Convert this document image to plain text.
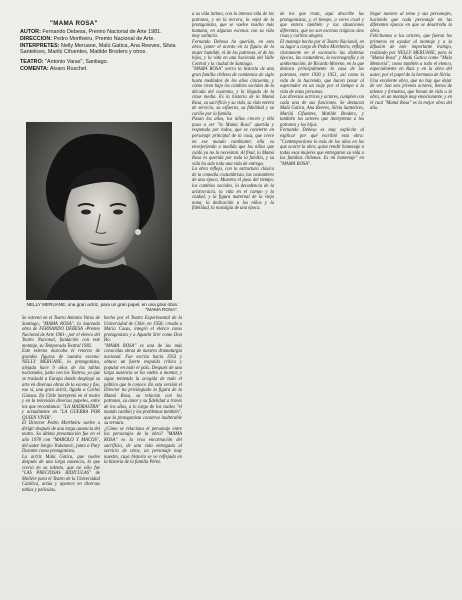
"MAMA ROSA"
AUTOR: Fernando Debesa, Premio Nacional de Arte 1981.
DIRECCION: Pedro Mortheiru, Premio Nacional de Arte.
INTERPRETES: Nelly Meruane, Malú Gatica, Ana Reeves, Silvia Santelices, Marilú Cifuentes, Matilde Broders y otros.
TEATRO: "Antonio Varas", Santiago.
COMENTA: Alvaro Ruschel.
NELLY MERUANE, una gran actriz, para un gran papel, en una gran obra: "MAMA ROSA".
Se estrenó en el Teatro Antonio Varas de Santiago, "MAMA ROSA", la laureada obra de FERNANDO DEBESA -Premio Nacional de Arte 1981-, por el elenco del Teatro Nacional, fundación con este montaje, su Temporada Teatral 1982.
Este estreno marcaba el retorno de grandes figuras de nuestra escena: NELLY MERUANE, la protagonista, alejada hace 9 años de las tablas nacionales, junto con los Teatros, ya que se trasladó a Europa donde desplegó su arte en diversas obras de la escena y fue, eso sí, una gran actriz, ligada a Carlos Giatsos. En Chile interpretó en el teatro y en la televisión diversos papeles, entre los que recordamos: "LA MADRASTRA" y actualmente en "LA GUERRA POR QUIEN VIVIR".
El Director Pedro Mortheiru vuelve a dirigir después de una larga ausencia del teatro. Su última presentación fue en el año 1978 con "MAROLO Y MACOS", del autor Sergio Vodanovic, junto a Pury Durante como protagonista.
La actriz Malú Gatica, que vuelve después de una larga ausencia, la que creció en su talento, que no sólo fue "LAS PRECIOSAS RIDÍCULAS" de Molière para el Teatro de la Universidad Católica, actúa y aparece en diversas tablas y películas.
hecho por el Teatro Experimental de la Universidad de Chile, en 1958; creado a Maria Casas, integró el elenco como protagonista y a Agustín Siré como Don Ho.
"MAMA ROSA" es una de las más conocidas obras de nuestra dramaturgia nacional. Fue escrita hacia 1953 y obtuvo un fuerte respaldo crítico y popular en todo el país. Después de una larga ausencia se ha vuelto a montar, y sigue teniendo la acogida de todo el público que lo conoce. En esta versión el Director ha privilegiado la figura de la Mamá Rosa, su relación con los patrones, su amor y su fidelidad a través de los años, a lo largo de los cuales "el mundo cambió y los problemas también", que la protagonista conserva inalterable su ternura.
¿Cómo se relaciona el personaje entre los personajes de la obra? "MAMA ROSA" es la viva encarnación del sacrificio, de una vida entregada al servicio de otros, un personaje muy nuestro, cuya historia se ve reflejada en la historia de la familia Pérez.
a su vida intima, con la intensa vida de los patrones, y en la tercera, la vejez de la protagonista, que se vuelve mucho más humana, en algunas escenas con su vida muy solitaria.
Fernando Debesa ha querido, en esta obra, poner el acento en la figura de la mujer humilde, el de los patrones, el de los hijos, y la vida en una hacienda del Valle Central y la ciudad de Santiago.
"MAMA ROSA" narra la historia de una gran familia chilena de comienzos de siglo hasta mediados de los años cincuenta, y cómo viven bajo los cambios sociales de la década del cuarenta, y la llegada de la clase media. Es la historia de la Mamá Rosa, su sacrificio y su vida, su vida entera de servicio, su esfuerzo, su fidelidad y su cariño por la familia.
Pasan los años, los niños crecen y ella pasa a ser "la Mamá Rosa" querida y respetada por todos, que se convierte en personaje principal de la casa, que crece en ese mundo cambiante; ella va envejeciendo a medida que los niños que cuidó ya no la necesitan. Al final, la Mamá Rosa es querida por toda la familia, y su vida ha sido toda una vida de entrega.
La obra refleja, con la estructura clásica de la comedia costumbrista, las costumbres de una época. Muestra el paso del tiempo, los cambios sociales, la decadencia de la aristocracia, la vida en el campo y la ciudad, y la figura maternal de la vieja nana, la dedicación a los niños y la fidelidad, la nostalgia de una época.
de los que trata, aquí describe las protagonistas, y, el tiempo, a veces cruel y que entera también y las situaciones diferentes, que no son escenas trágicas sino risas y cariños alegres.
El montaje hecho por el Teatro Nacional, en su lugar a cargo de Pedro Mortheiru, refleja claramente en el escenario las distintas épocas, las costumbres, la escenografía y la ambientación, de Ricardo Moreno, en la que destaca principalmente la casa de los patrones, entre 1930 y 1951, así como la vida de la hacienda, que hacen pasar al espectador en un viaje por el tiempo a la vida de estas personas.
Las diversas actrices y actores, cumplen con cada una de sus funciones. Se destacan Malú Gatica, Ana Reeves, Silvia Santelices, Marilú Cifuentes, Matilde Broders, y también los actores que interpretan a los patrones y los hijos.
Fernando Debesa es muy explícito al explicar por qué escribió esta obra: "Contemporáneo lo más de los años en los que ocurre la obra, quise rendir homenaje a todas esas mujeres que entregaron su vida a las familias chilenas. Es mi homenaje" en "MAMA ROSA".
llegar nuestro al tema y sus personajes, haciendo que cada personaje en las diferentes épocas en que se desarrolla la obra.
Felicitamos a los actores, que fueron los primeros en ayudar al montaje y a la difusión de este importante trabajo, realizado por NELLY MERUANE, para la "Mamá Rosa" y Malú Gatica como "Mala Memoria", como también a todo el elenco, especialmente en Ruiz y en la obra del autor, por el papel de la hermana de Silvia.
Una excelente obra, que no hay que dejar de ver. Son seis jóvenes actores, llenos de talento y fortaleza, que llenan de vida a la obra, en un montaje muy emocionante, y en el cual "Mamá Rosa" es la mejor obra del año.
